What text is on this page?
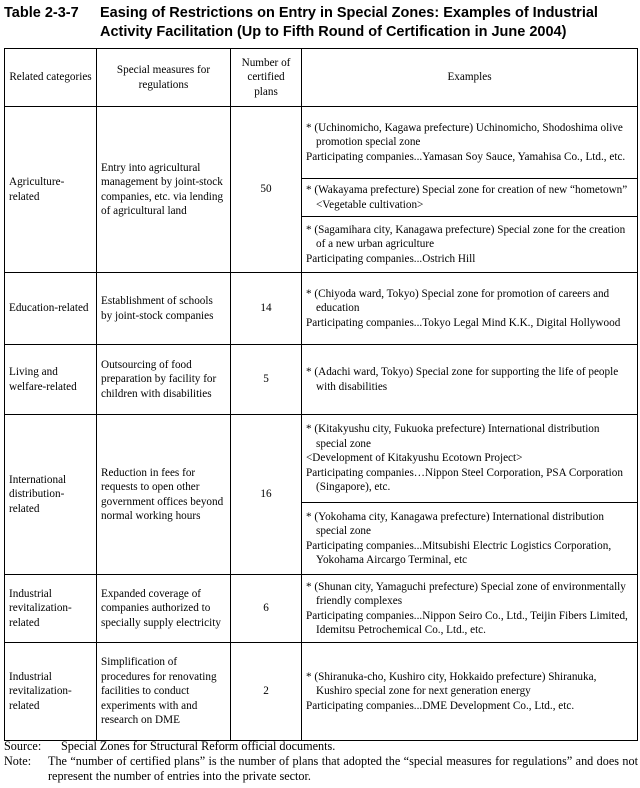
Table 2-3-7 Easing of Restrictions on Entry in Special Zones: Examples of Industrial Activity Facilitation (Up to Fifth Round of Certification in June 2004)
Related categories	Special measures for regulations	Number of certified plans	Examples
Agriculture-related	Entry into agricultural management by joint-stock companies, etc. via lending of agricultural land	50	* (Uchinomicho, Kagawa prefecture) Uchinomicho, Shodoshima olive promotion special zone
Participating companies...Yamasan Soy Sauce, Yamahisa Co., Ltd., etc.

			* (Wakayama prefecture) Special zone for creation of new “hometown” <Vegetable cultivation>

			* (Sagamihara city, Kanagawa prefecture) Special zone for the creation of a new urban agriculture
Participating companies...Ostrich Hill

Education-related	Establishment of schools by joint-stock companies	14	* (Chiyoda ward, Tokyo) Special zone for promotion of careers and education
Participating companies...Tokyo Legal Mind K.K., Digital Hollywood

Living and welfare-related	Outsourcing of food preparation by facility for children with disabilities	5	* (Adachi ward, Tokyo) Special zone for supporting the life of people with disabilities

International distribution-related	Reduction in fees for requests to open other government offices beyond normal working hours	16	* (Kitakyushu city, Fukuoka prefecture) International distribution special zone
<Development of Kitakyushu Ecotown Project>
Participating companies…Nippon Steel Corporation, PSA Corporation (Singapore), etc.

			* (Yokohama city, Kanagawa prefecture) International distribution special zone
Participating companies...Mitsubishi Electric Logistics Corporation, Yokohama Aircargo Terminal, etc

Industrial revitalization-related	Expanded coverage of companies authorized to specially supply electricity	6	* (Shunan city, Yamaguchi prefecture) Special zone of environmentally friendly complexes
Participating companies...Nippon Seiro Co., Ltd., Teijin Fibers Limited, Idemitsu Petrochemical Co., Ltd., etc.

Industrial revitalization-related	Simplification of procedures for renovating facilities to conduct experiments with and research on DME	2	* (Shiranuka-cho, Kushiro city, Hokkaido prefecture) Shiranuka, Kushiro special zone for next generation energy
Participating companies...DME Development Co., Ltd., etc.
Source: Special Zones for Structural Reform official documents.
Note: The “number of certified plans” is the number of plans that adopted the “special measures for regulations” and does not represent the number of entries into the private sector.
